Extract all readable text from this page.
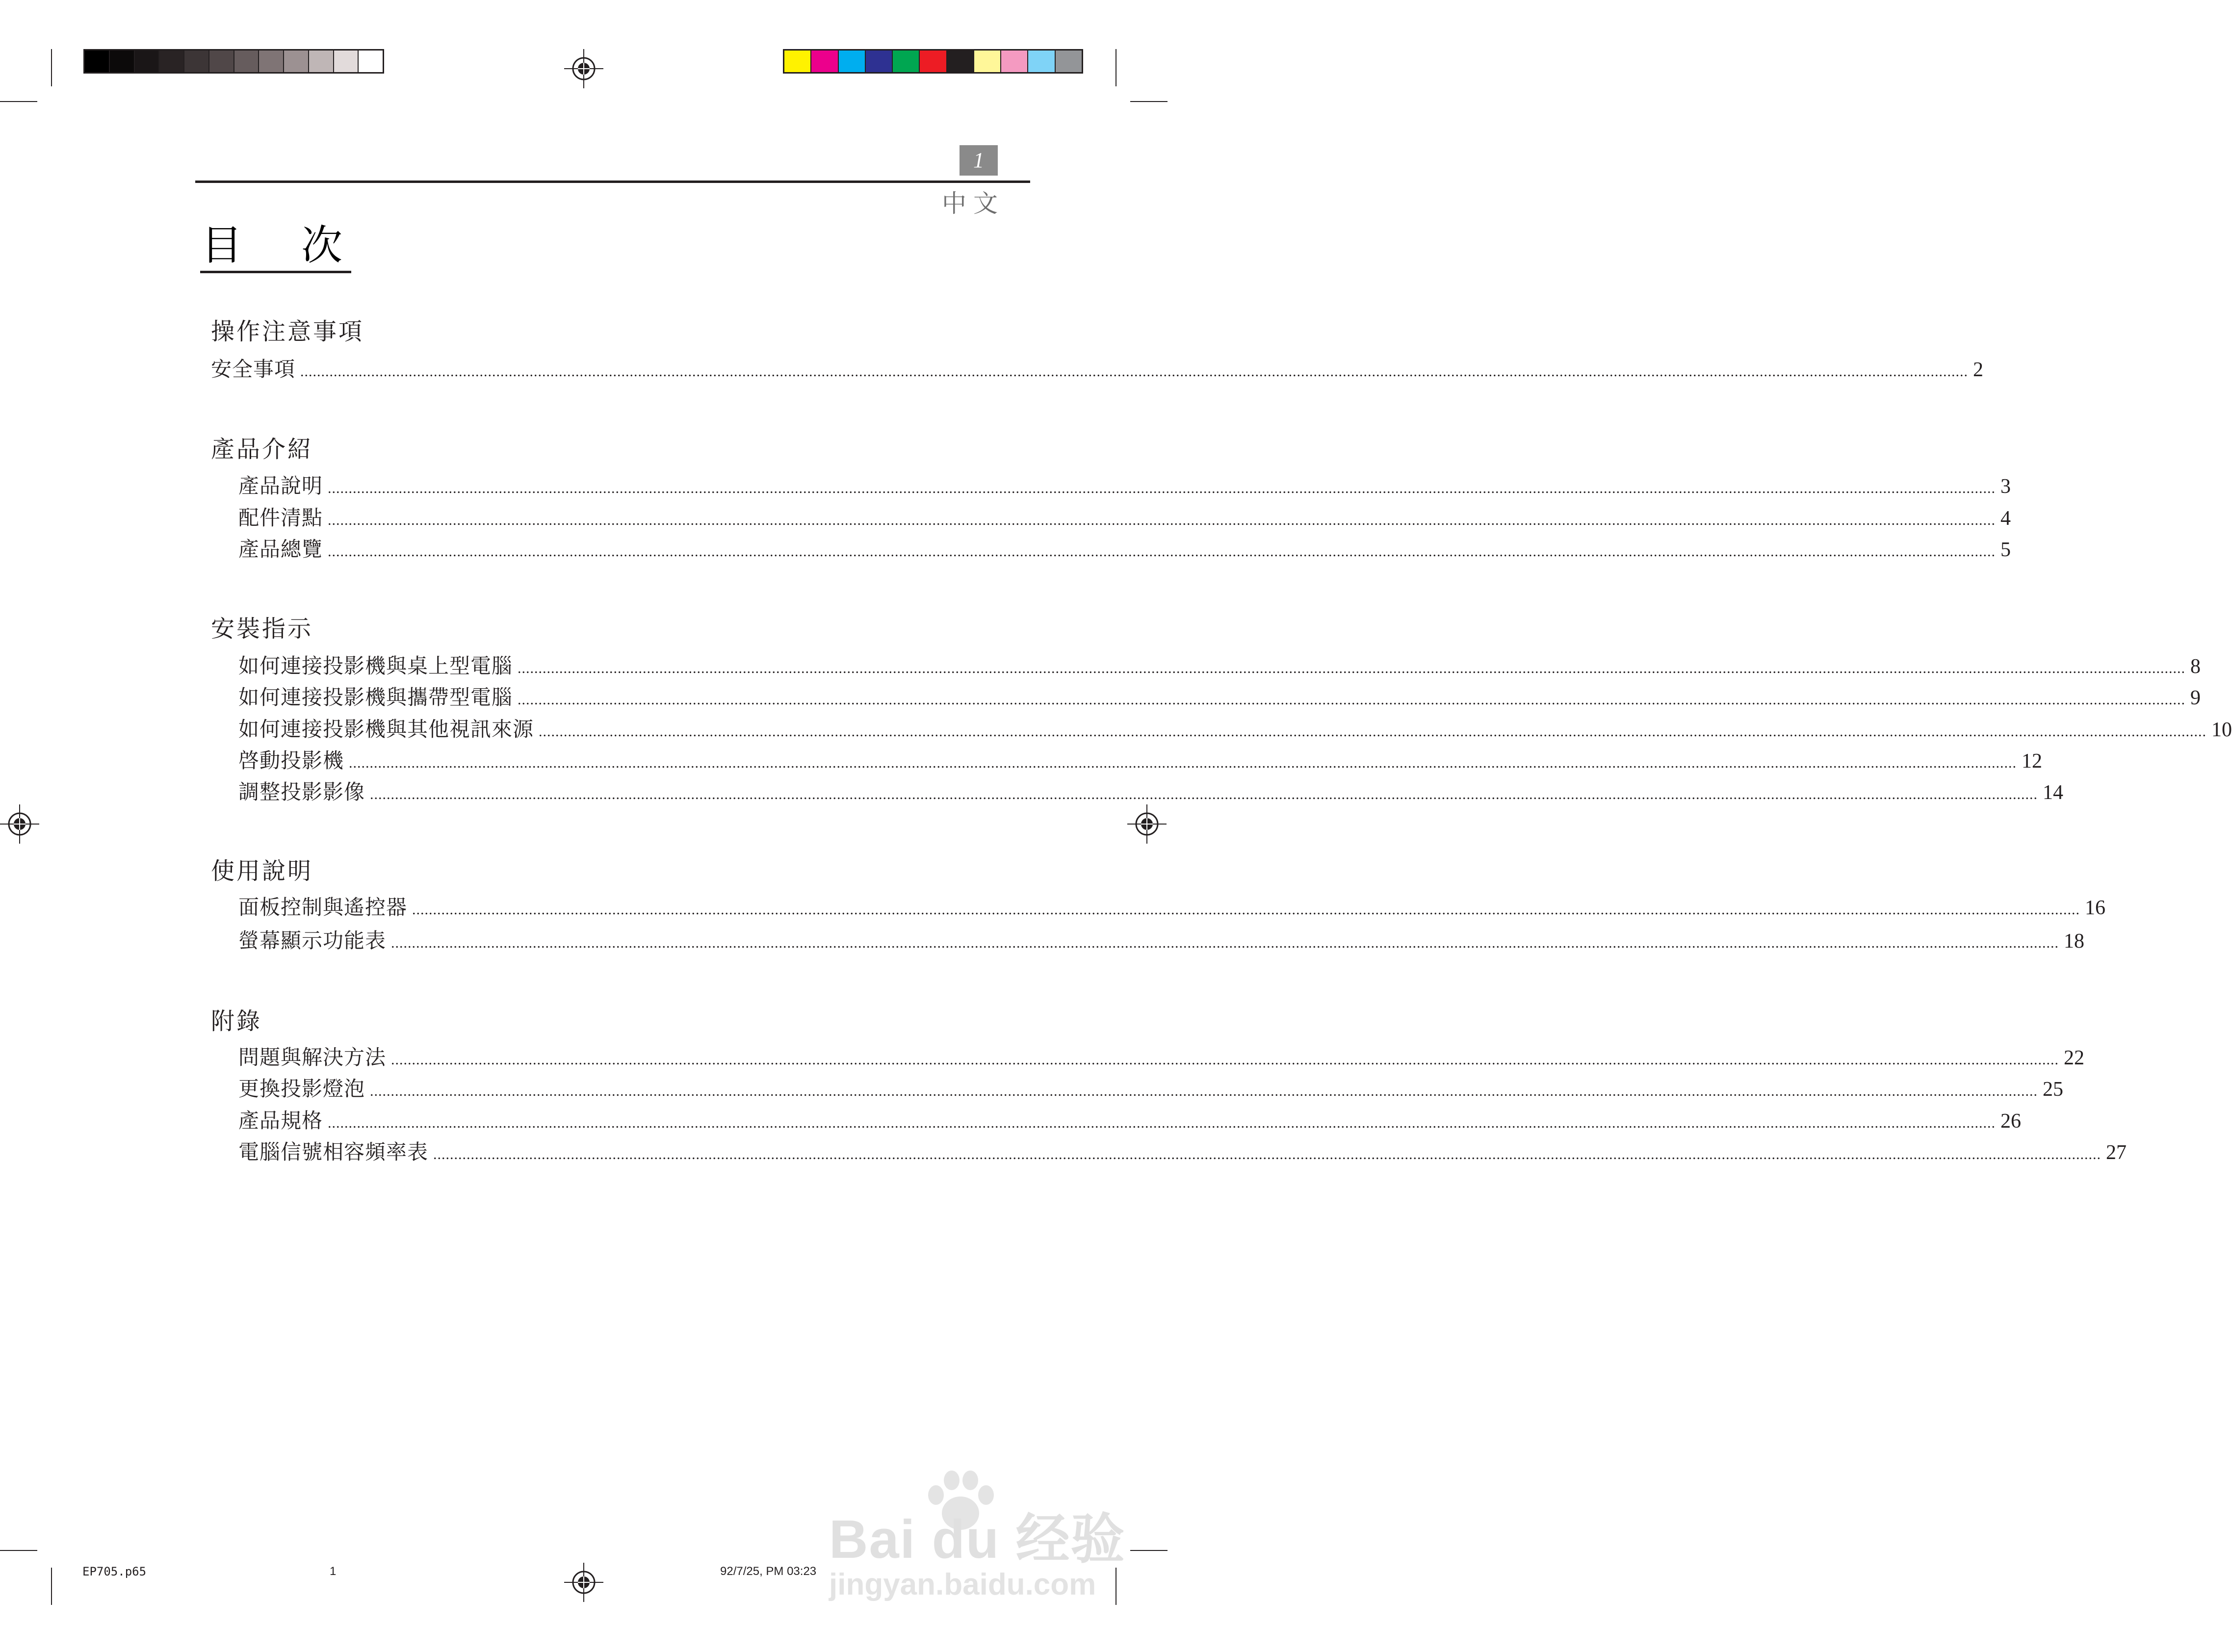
1
中文
目次
操作注意事項
安全事項 ................................................................................................................................................................................................................................................................................................................................................................................................................ 2
產品介紹
產品說明 ................................................................................................................................................................................................................................................................................................................................................................................................................ 3
配件清點 ................................................................................................................................................................................................................................................................................................................................................................................................................ 4
產品總覽 ................................................................................................................................................................................................................................................................................................................................................................................................................ 5
安裝指示
如何連接投影機與桌上型電腦 ................................................................................................................................................................................................................................................................................................................................................................................................................ 8
如何連接投影機與攜帶型電腦 ................................................................................................................................................................................................................................................................................................................................................................................................................ 9
如何連接投影機與其他視訊來源 ................................................................................................................................................................................................................................................................................................................................................................................................................ 10
啓動投影機 ................................................................................................................................................................................................................................................................................................................................................................................................................ 12
調整投影影像 ................................................................................................................................................................................................................................................................................................................................................................................................................ 14
使用說明
面板控制與遙控器 ................................................................................................................................................................................................................................................................................................................................................................................................................ 16
螢幕顯示功能表 ................................................................................................................................................................................................................................................................................................................................................................................................................ 18
附錄
問題與解決方法 ................................................................................................................................................................................................................................................................................................................................................................................................................ 22
更換投影燈泡 ................................................................................................................................................................................................................................................................................................................................................................................................................ 25
產品規格 ................................................................................................................................................................................................................................................................................................................................................................................................................ 26
電腦信號相容頻率表 ................................................................................................................................................................................................................................................................................................................................................................................................................ 27
EP705.p65	1	92/7/25, PM 03:23
Bai du 经验
jingyan.baidu.com
